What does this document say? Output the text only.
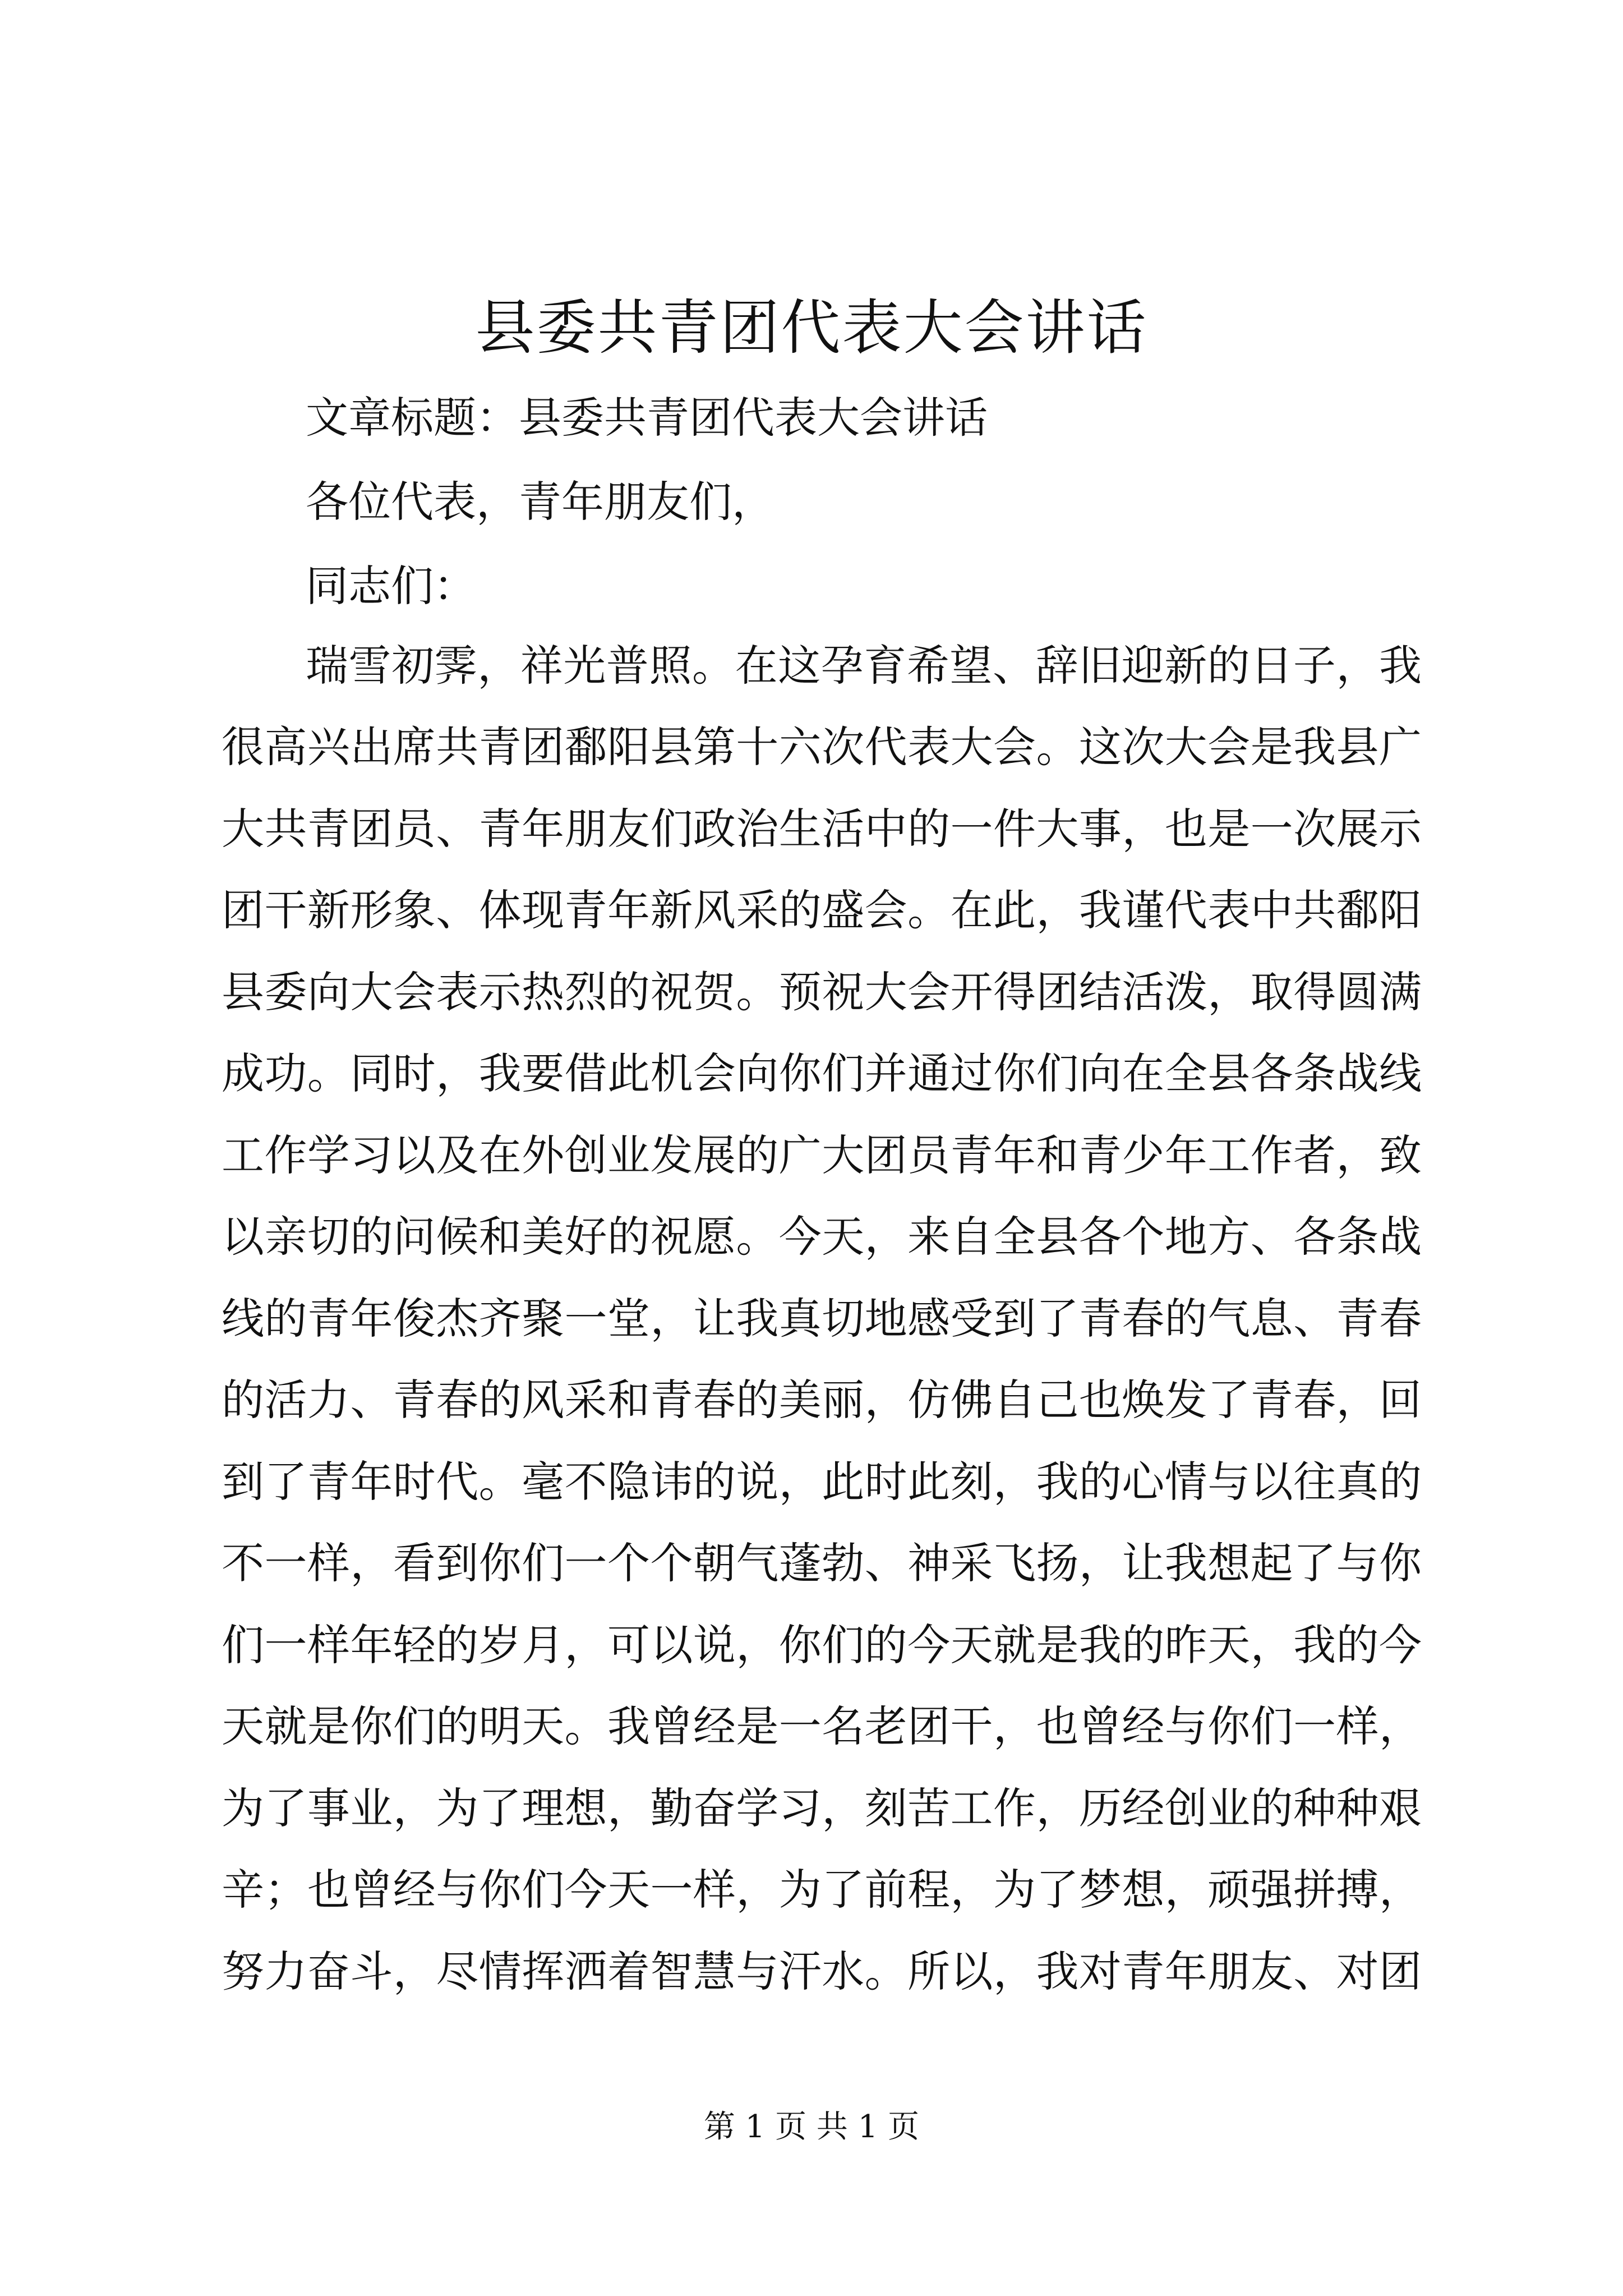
县委共青团代表大会讲话
文章标题：县委共青团代表大会讲话
各位代表，青年朋友们，
同志们：
瑞雪初霁，祥光普照。在这孕育希望、辞旧迎新的日子，我
很高兴出席共青团鄱阳县第十六次代表大会。这次大会是我县广
大共青团员、青年朋友们政治生活中的一件大事，也是一次展示
团干新形象、体现青年新风采的盛会。在此，我谨代表中共鄱阳
县委向大会表示热烈的祝贺。预祝大会开得团结活泼，取得圆满
成功。同时，我要借此机会向你们并通过你们向在全县各条战线
工作学习以及在外创业发展的广大团员青年和青少年工作者，致
以亲切的问候和美好的祝愿。今天，来自全县各个地方、各条战
线的青年俊杰齐聚一堂，让我真切地感受到了青春的气息、青春
的活力、青春的风采和青春的美丽，仿佛自己也焕发了青春，回
到了青年时代。毫不隐讳的说，此时此刻，我的心情与以往真的
不一样，看到你们一个个朝气蓬勃、神采飞扬，让我想起了与你
们一样年轻的岁月，可以说，你们的今天就是我的昨天，我的今
天就是你们的明天。我曾经是一名老团干，也曾经与你们一样，
为了事业，为了理想，勤奋学习，刻苦工作，历经创业的种种艰
辛；也曾经与你们今天一样，为了前程，为了梦想，顽强拼搏，
努力奋斗，尽情挥洒着智慧与汗水。所以，我对青年朋友、对团
第 1 页 共 1 页
